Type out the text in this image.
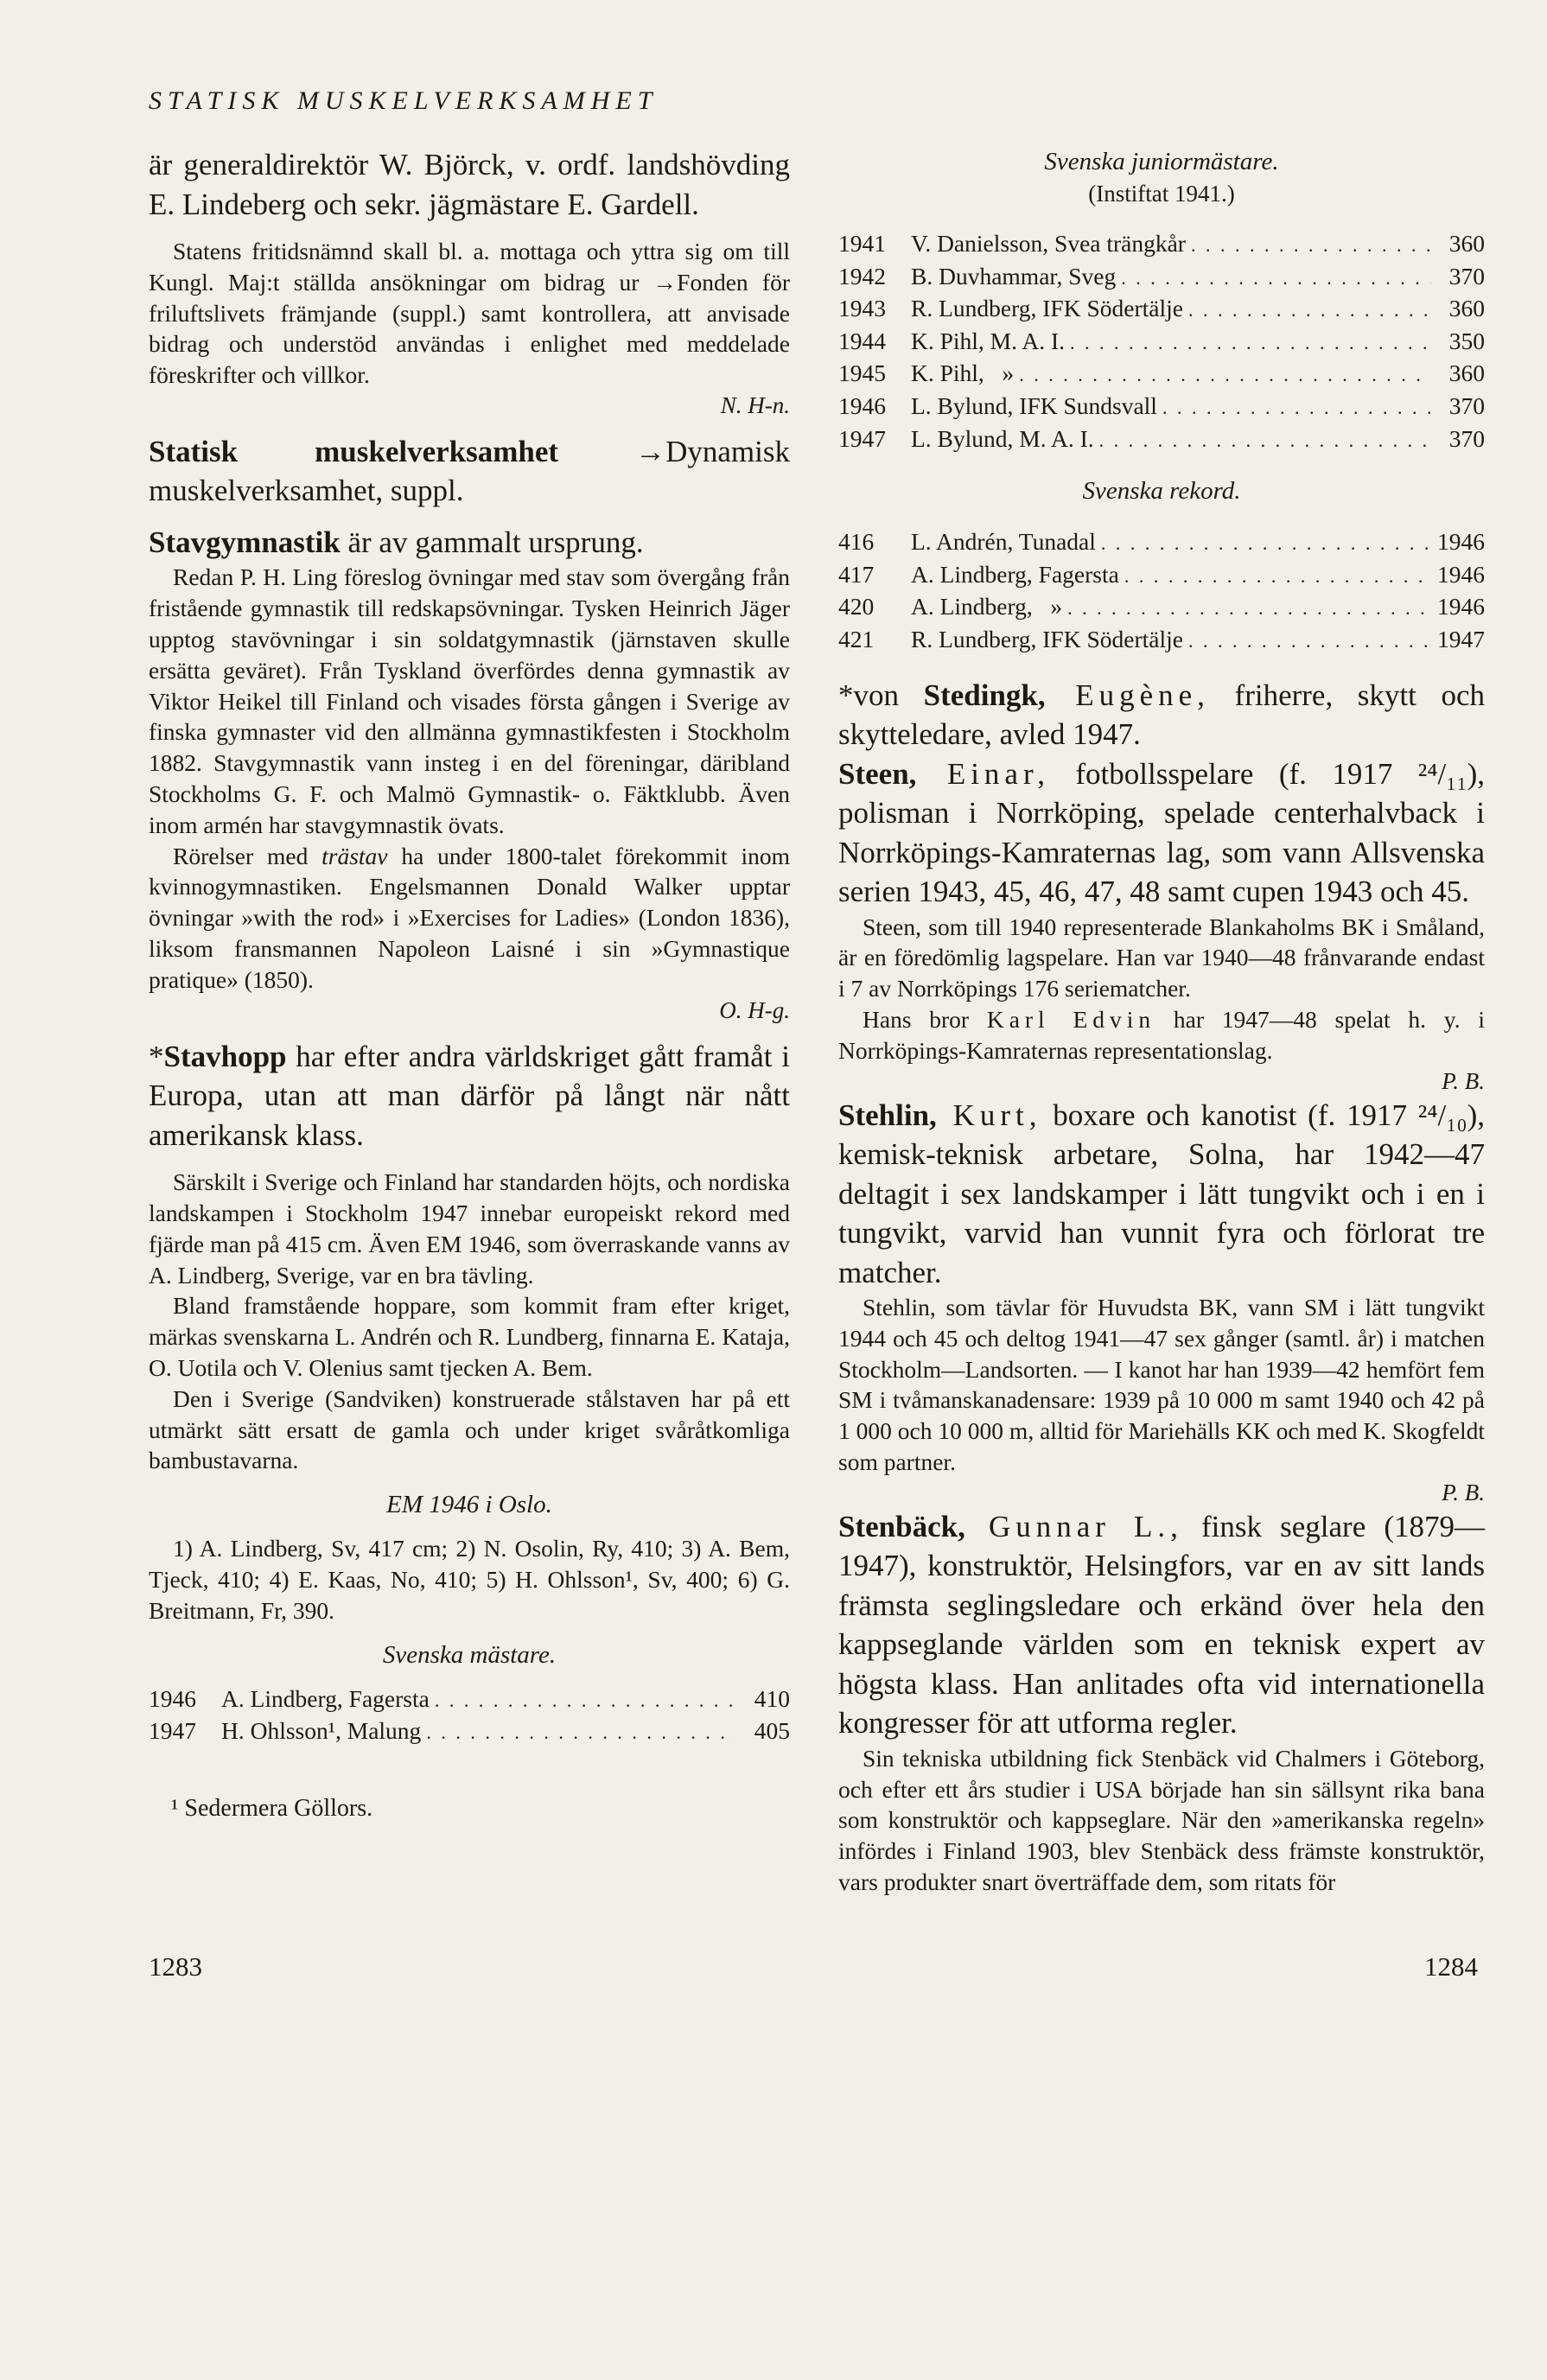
STATISK MUSKELVERKSAMHET

är generaldirektör W. Björck, v. ordf. landshövding E. Lindeberg och sekr. jägmästare E. Gardell.

Statens fritidsnämnd skall bl. a. mottaga och yttra sig om till Kungl. Maj:t ställda ansökningar om bidrag ur →Fonden för friluftslivets främjande (suppl.) samt kontrollera, att anvisade bidrag och understöd användas i enlighet med meddelade föreskrifter och villkor.

N. H-n.

Statisk muskelverksamhet →Dynamisk muskelverksamhet, suppl.

Stavgymnastik är av gammalt ursprung.

Redan P. H. Ling föreslog övningar med stav som övergång från fristående gymnastik till redskapsövningar. Tysken Heinrich Jäger upptog stavövningar i sin soldatgymnastik (järnstaven skulle ersätta geväret). Från Tyskland överfördes denna gymnastik av Viktor Heikel till Finland och visades första gången i Sverige av finska gymnaster vid den allmänna gymnastikfesten i Stockholm 1882. Stavgymnastik vann insteg i en del föreningar, däribland Stockholms G. F. och Malmö Gymnastik- o. Fäktklubb. Även inom armén har stavgymnastik övats.

Rörelser med trästav ha under 1800-talet förekommit inom kvinnogymnastiken. Engelsmannen Donald Walker upptar övningar »with the rod» i »Exercises for Ladies» (London 1836), liksom fransmannen Napoleon Laisné i sin »Gymnastique pratique» (1850).

O. H-g.

*Stavhopp har efter andra världskriget gått framåt i Europa, utan att man därför på långt när nått amerikansk klass.

Särskilt i Sverige och Finland har standarden höjts, och nordiska landskampen i Stockholm 1947 innebar europeiskt rekord med fjärde man på 415 cm. Även EM 1946, som överraskande vanns av A. Lindberg, Sverige, var en bra tävling.

Bland framstående hoppare, som kommit fram efter kriget, märkas svenskarna L. Andrén och R. Lundberg, finnarna E. Kataja, O. Uotila och V. Olenius samt tjecken A. Bem.

Den i Sverige (Sandviken) konstruerade stålstaven har på ett utmärkt sätt ersatt de gamla och under kriget svåråtkomliga bambustavarna.

EM 1946 i Oslo.

1) A. Lindberg, Sv, 417 cm; 2) N. Osolin, Ry, 410; 3) A. Bem, Tjeck, 410; 4) E. Kaas, No, 410; 5) H. Ohlsson¹, Sv, 400; 6) G. Breitmann, Fr, 390.

Svenska mästare.

1946	A. Lindberg, Fagersta . . .	410
1947	H. Ohlsson¹, Malung . . .	405

¹ Sedermera Göllors.

Svenska juniormästare.

(Instiftat 1941.)

1941	V. Danielsson, Svea trängkår . . .	360
1942	B. Duvhammar, Sveg . . .	370
1943	R. Lundberg, IFK Södertälje . . .	360
1944	K. Pihl, M. A. I. . . .	350
1945	K. Pihl,   » . . .	360
1946	L. Bylund, IFK Sundsvall . . .	370
1947	L. Bylund, M. A. I. . . .	370

Svenska rekord.

416	L. Andrén, Tunadal . . .	1946
417	A. Lindberg, Fagersta . . .	1946
420	A. Lindberg,   » . . .	1946
421	R. Lundberg, IFK Södertälje . . .	1947

*von Stedingk, Eugène, friherre, skytt och skytteledare, avled 1947.

Steen, Einar, fotbollsspelare (f. 1917 ²⁴/₁₁), polisman i Norrköping, spelade centerhalvback i Norrköpings-Kamraternas lag, som vann Allsvenska serien 1943, 45, 46, 47, 48 samt cupen 1943 och 45.

Steen, som till 1940 representerade Blankaholms BK i Småland, är en föredömlig lagspelare. Han var 1940—48 frånvarande endast i 7 av Norrköpings 176 seriematcher.

Hans bror Karl Edvin har 1947—48 spelat h. y. i Norrköpings-Kamraternas representationslag.

P. B.

Stehlin, Kurt, boxare och kanotist (f. 1917 ²⁴/₁₀), kemisk-teknisk arbetare, Solna, har 1942—47 deltagit i sex landskamper i lätt tungvikt och i en i tungvikt, varvid han vunnit fyra och förlorat tre matcher.

Stehlin, som tävlar för Huvudsta BK, vann SM i lätt tungvikt 1944 och 45 och deltog 1941—47 sex gånger (samtl. år) i matchen Stockholm—Landsorten. — I kanot har han 1939—42 hemfört fem SM i tvåmanskanadensare: 1939 på 10 000 m samt 1940 och 42 på 1 000 och 10 000 m, alltid för Mariehälls KK och med K. Skogfeldt som partner.

P. B.

Stenbäck, Gunnar L., finsk seglare (1879—1947), konstruktör, Helsingfors, var en av sitt lands främsta seglingsledare och erkänd över hela den kappseglande världen som en teknisk expert av högsta klass. Han anlitades ofta vid internationella kongresser för att utforma regler.

Sin tekniska utbildning fick Stenbäck vid Chalmers i Göteborg, och efter ett års studier i USA började han sin sällsynt rika bana som konstruktör och kappseglare. När den »amerikanska regeln» infördes i Finland 1903, blev Stenbäck dess främste konstruktör, vars produkter snart överträffade dem, som ritats för

1283	1284
